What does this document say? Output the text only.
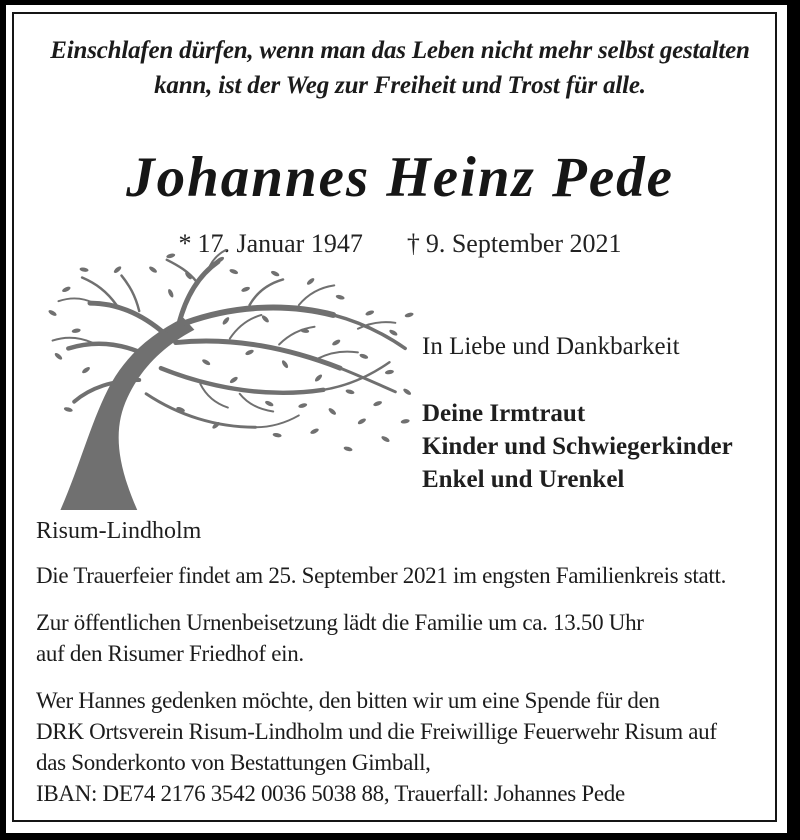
Einschlafen dürfen, wenn man das Leben nicht mehr selbst gestalten
kann, ist der Weg zur Freiheit und Trost für alle.
Johannes Heinz Pede
* 17. Januar 1947 † 9. September 2021
In Liebe und Dankbarkeit
Deine Irmtraut
Kinder und Schwiegerkinder
Enkel und Urenkel
Risum-Lindholm
Die Trauerfeier findet am 25. September 2021 im engsten Familienkreis statt.
Zur öffentlichen Urnenbeisetzung lädt die Familie um ca. 13.50 Uhr
auf den Risumer Friedhof ein.
Wer Hannes gedenken möchte, den bitten wir um eine Spende für den
DRK Ortsverein Risum-Lindholm und die Freiwillige Feuerwehr Risum auf
das Sonderkonto von Bestattungen Gimball,
IBAN: DE74 2176 3542 0036 5038 88, Trauerfall: Johannes Pede
